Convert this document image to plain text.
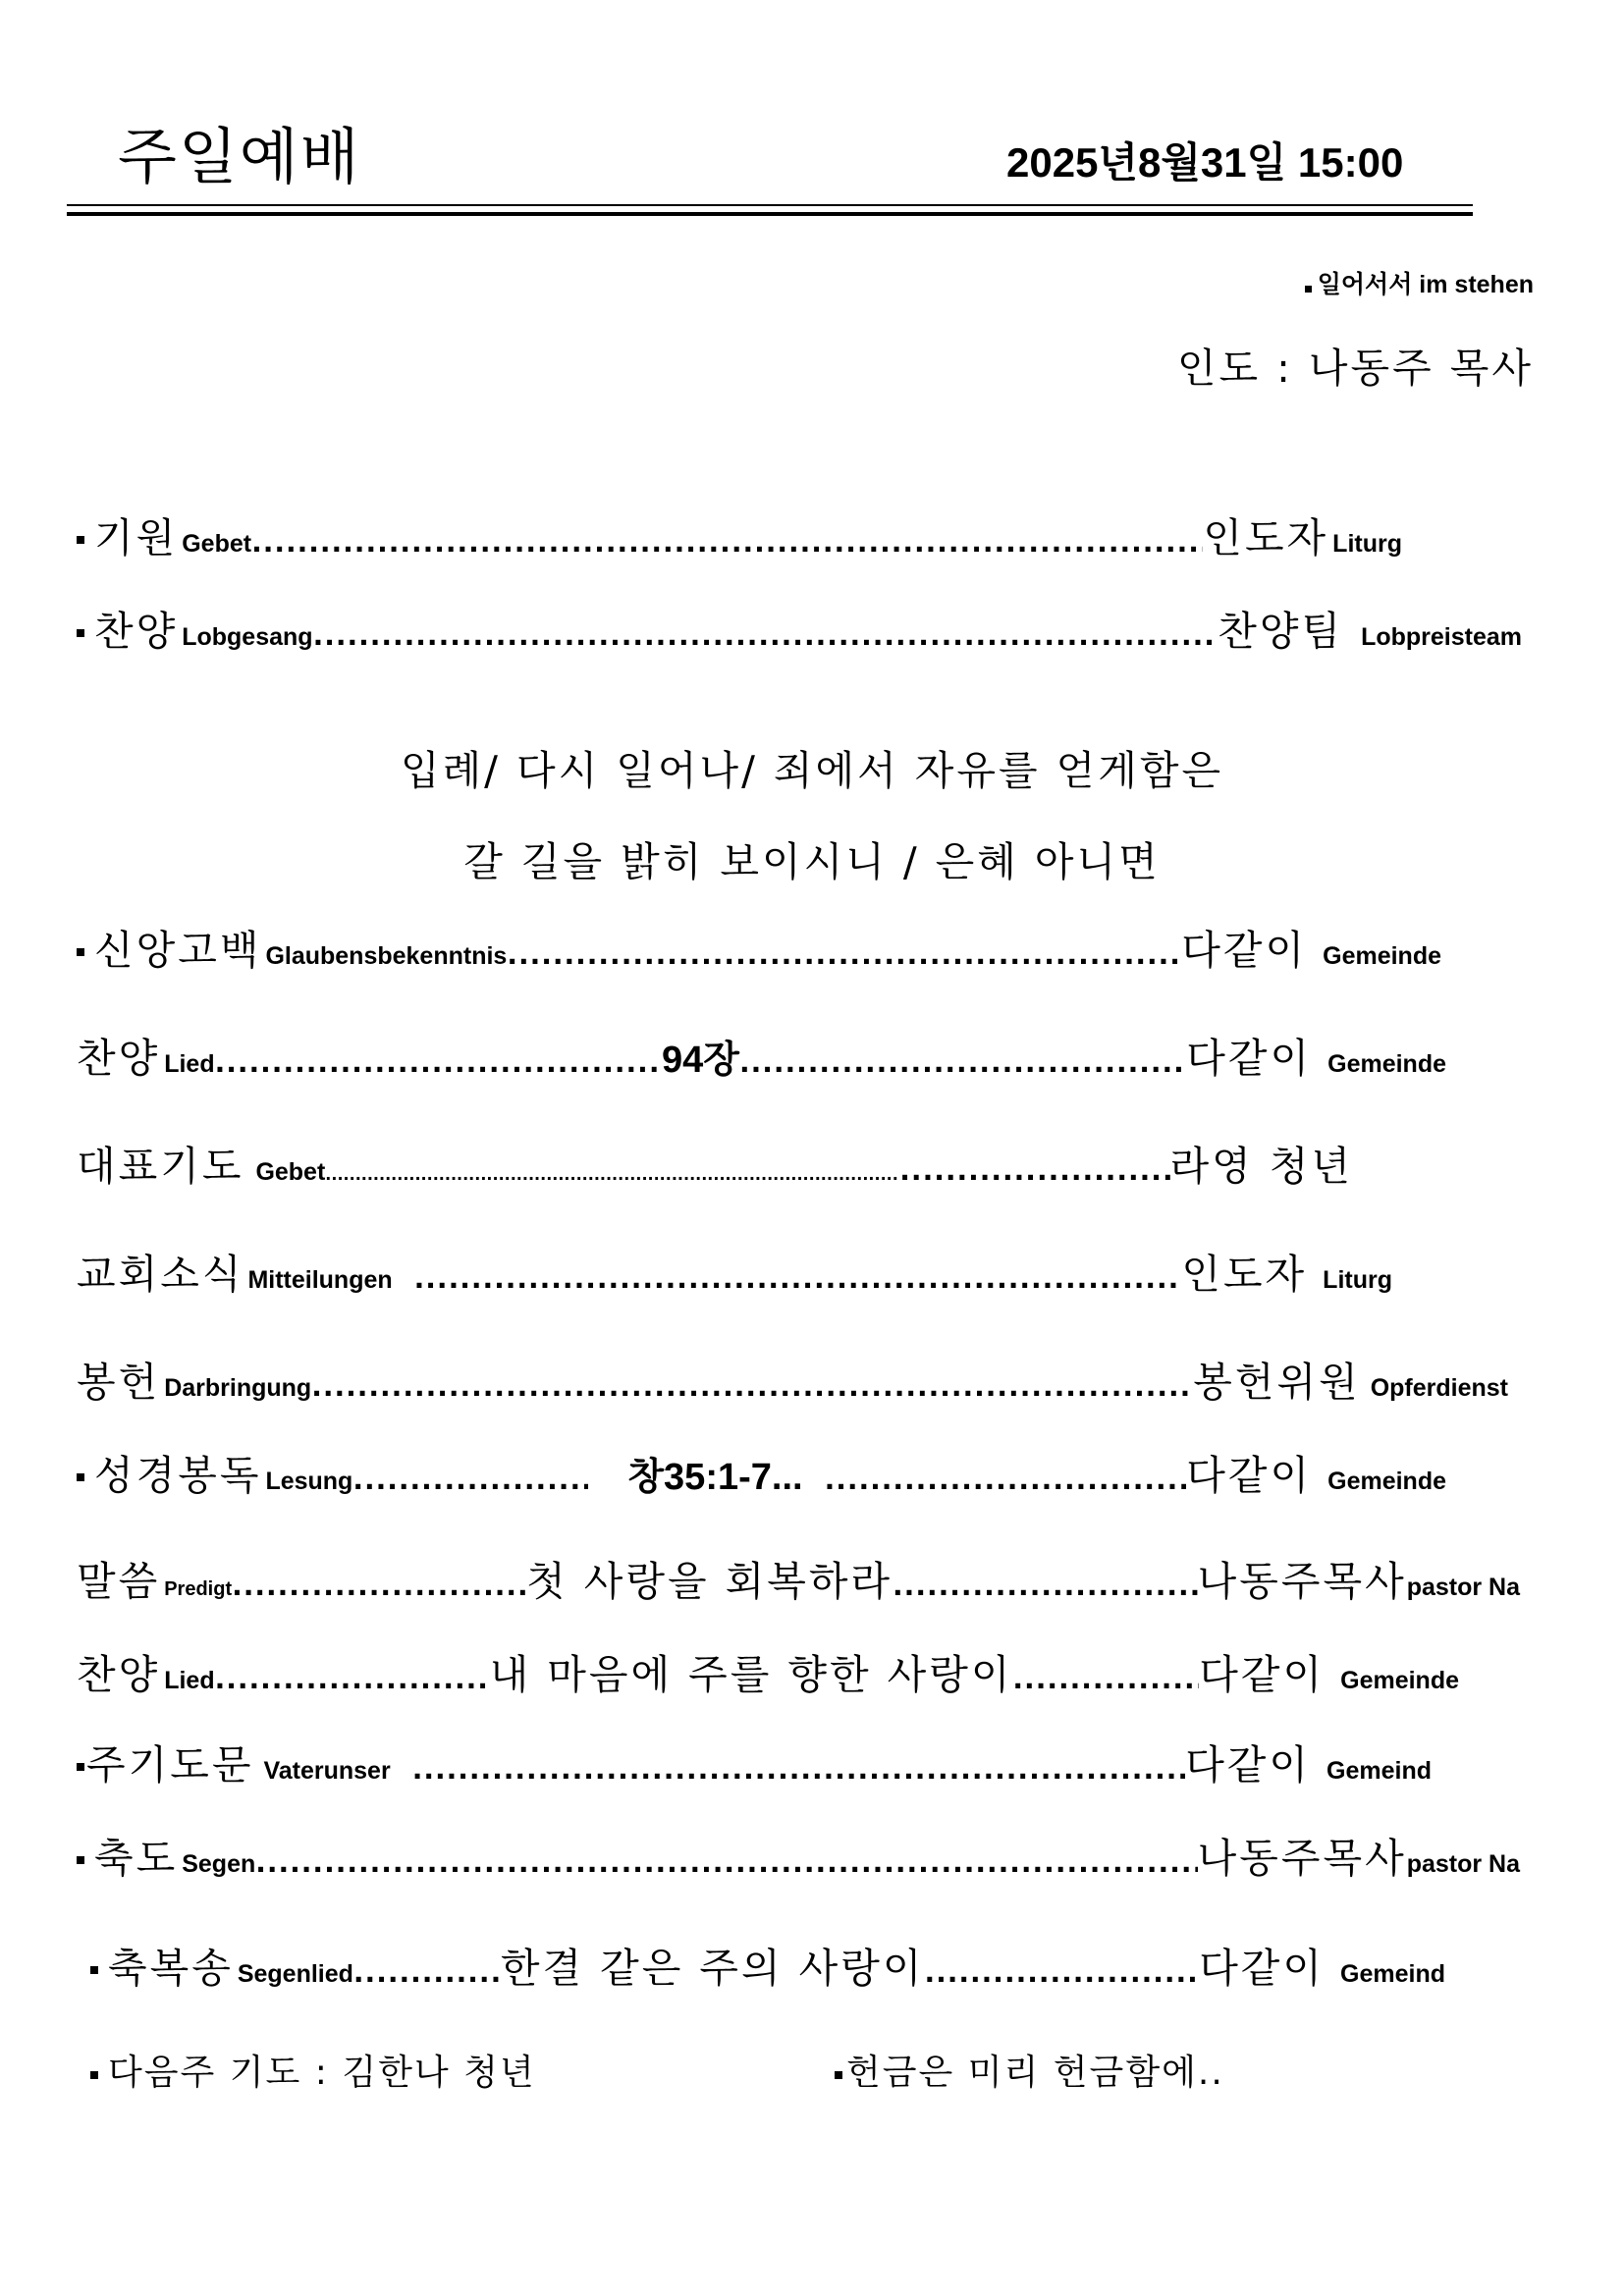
주일예배	2025년8월31일 15:00
일어서서 im stehen
인도 : 나동주 목사
기원 Gebet .....	인도자 Liturg
찬양 Lobgesang .....	찬양팀 Lobpreisteam
입례/ 다시 일어나/ 죄에서 자유를 얻게함은
갈 길을 밝히 보이시니 / 은혜 아니면
신앙고백 Glaubensbekenntnis .....	다같이 Gemeinde
찬양 Lied .....	94장 .....	다같이 Gemeinde
대표기도 Gebet ..... .....	라영 청년
교회소식 Mitteilungen .....	인도자 Liturg
봉헌 Darbringung .....	봉헌위원 Opferdienst
성경봉독 Lesung .....	창35:1-7... .....	다같이 Gemeinde
말씀 Predigt .....	첫 사랑을 회복하라 .....	나동주목사 pastor Na
찬양 Lied .....	내 마음에 주를 향한 사랑이 .....	다같이 Gemeinde
주기도문 Vaterunser .....	다같이 Gemeind
축도 Segen .....	나동주목사 pastor Na
축복송 Segenlied .....	한결 같은 주의 사랑이 .....	다같이 Gemeind
다음주 기도 : 김한나 청년	헌금은 미리 헌금함에..
